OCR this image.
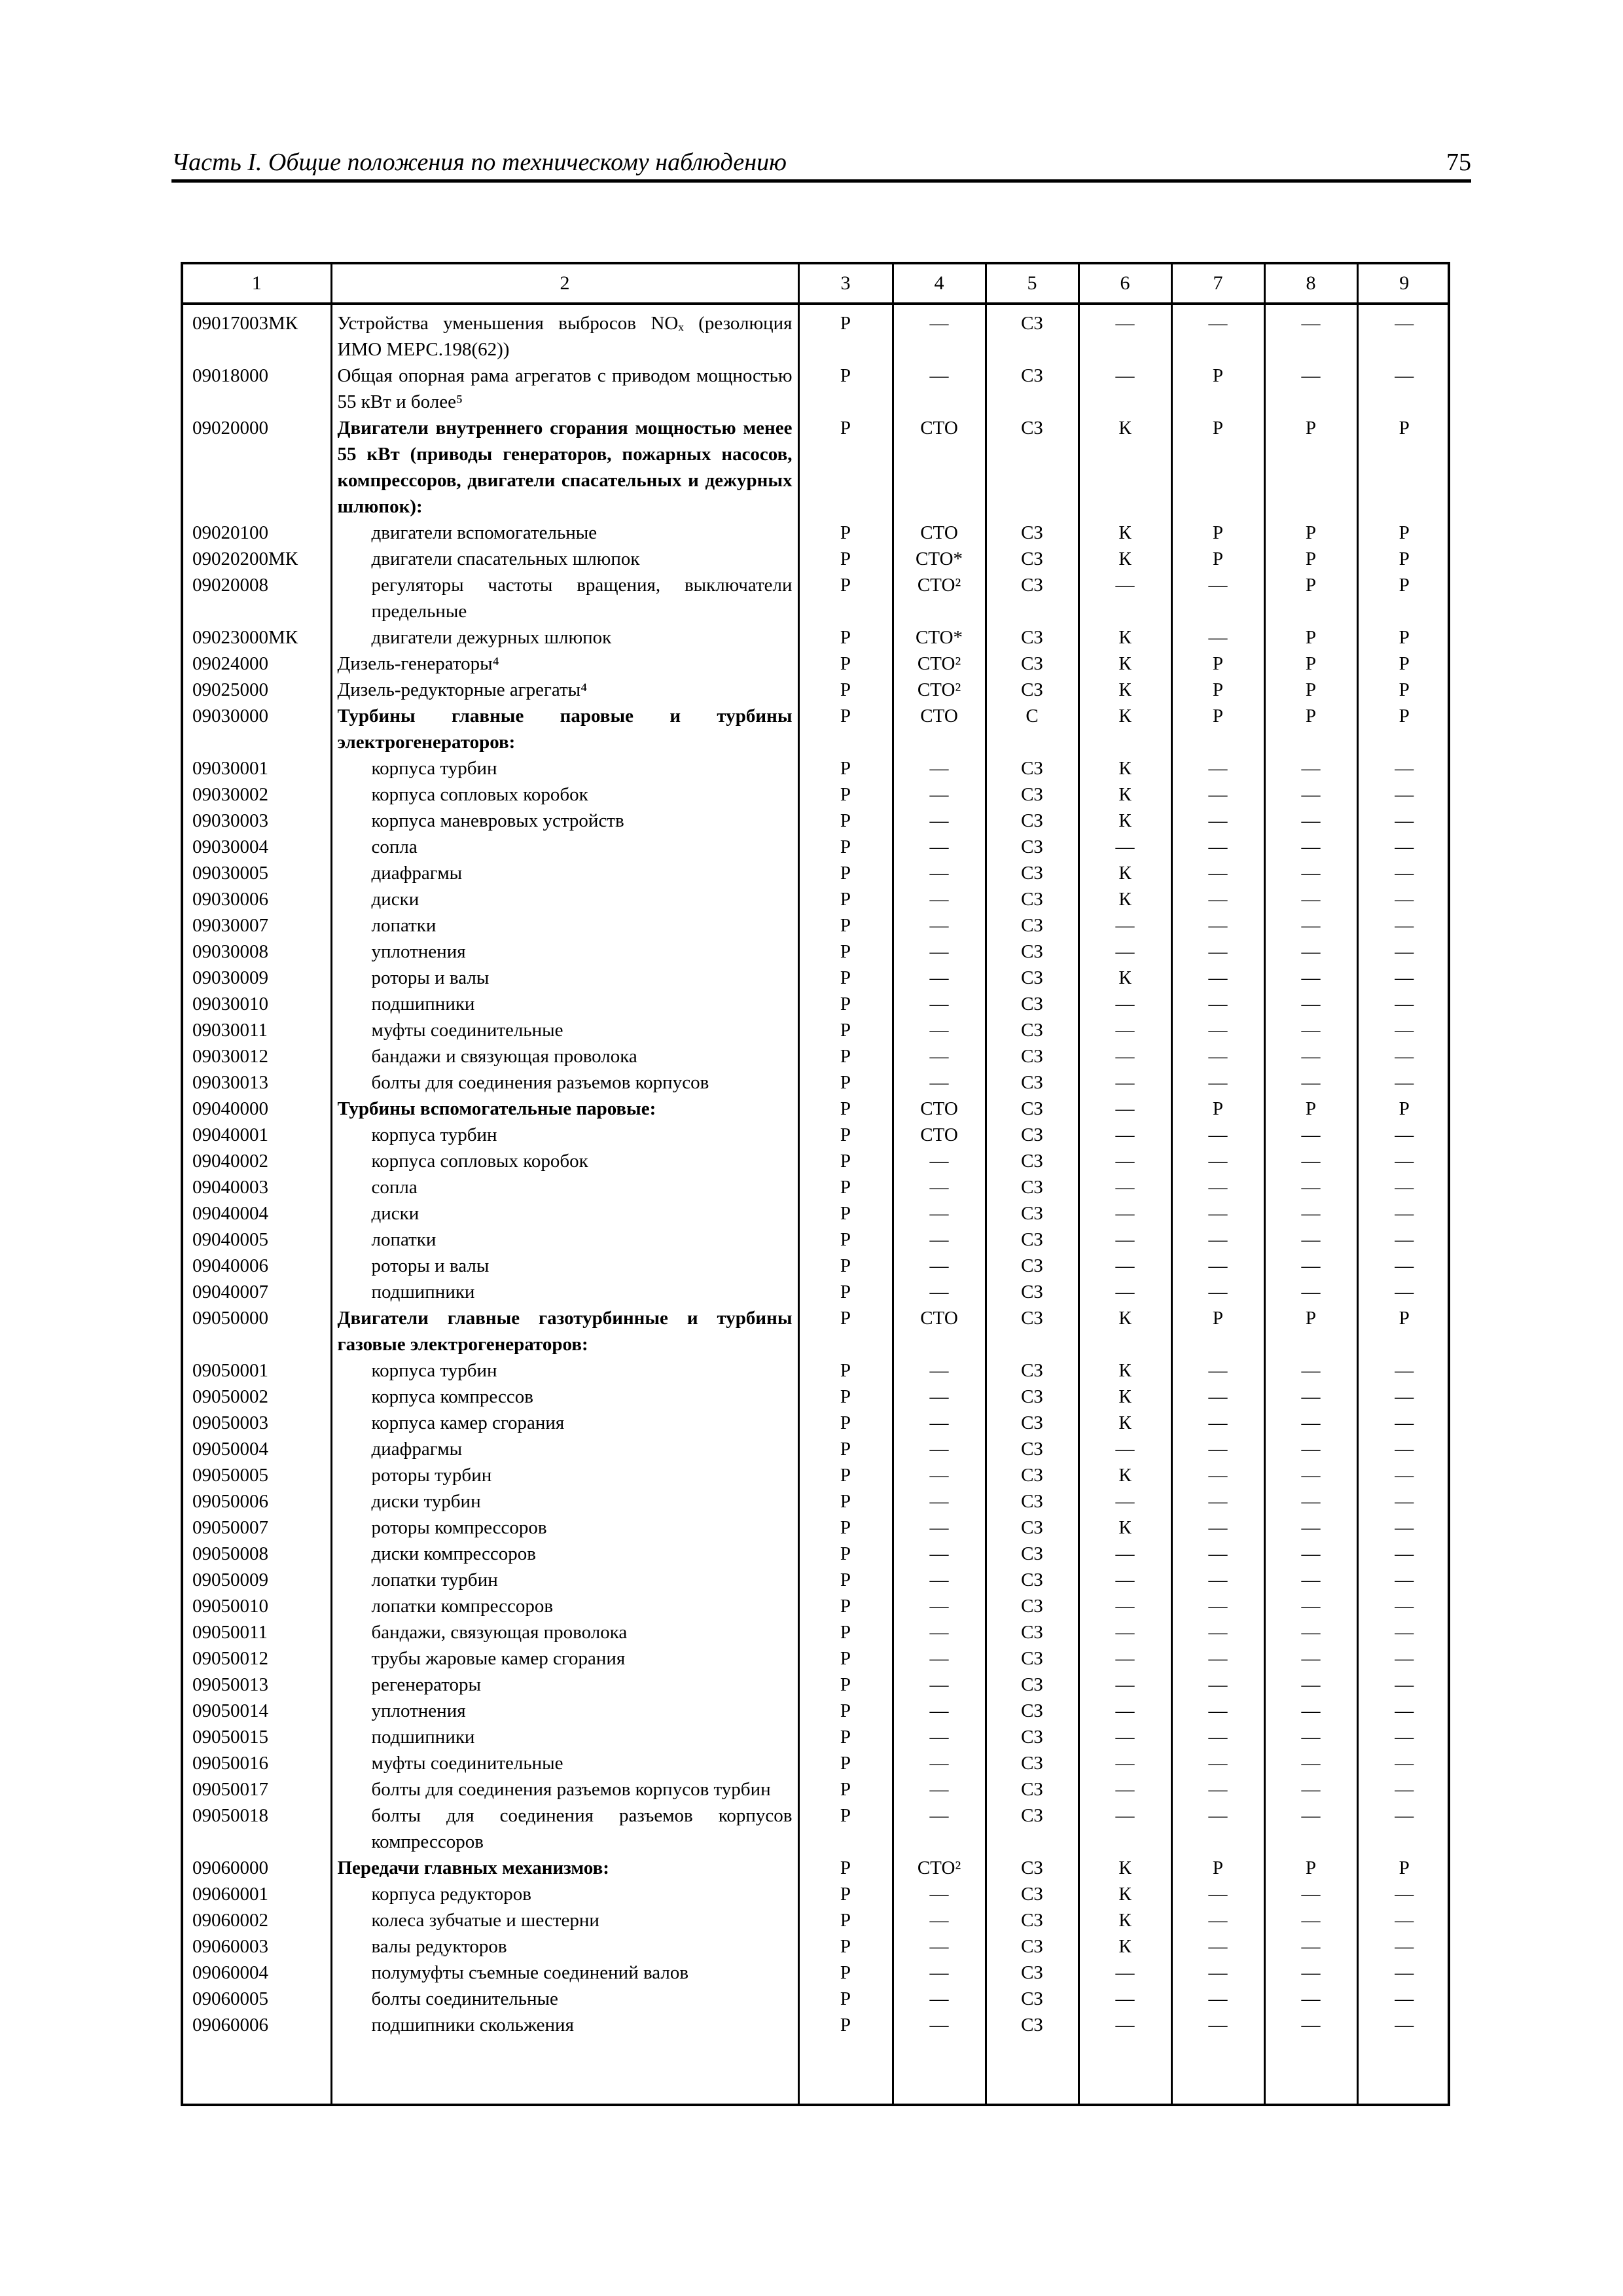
Часть I. Общие положения по техническому наблюдению	75
1	2	3	4	5	6	7	8	9
09017003МК	Устройства уменьшения выбросов NOₓ (резолюция ИМО МЕРС.198(62))	Р	—	СЗ	—	—	—	—
09018000	Общая опорная рама агрегатов с приводом мощностью 55 кВт и более⁵	Р	—	СЗ	—	Р	—	—
09020000	Двигатели внутреннего сгорания мощностью менее 55 кВт (приводы генераторов, пожарных насосов, компрессоров, двигатели спасательных и дежурных шлюпок):	Р	СТО	СЗ	К	Р	Р	Р
09020100	двигатели вспомогательные	Р	СТО	СЗ	К	Р	Р	Р
09020200МК	двигатели спасательных шлюпок	Р	СТО*	СЗ	К	Р	Р	Р
09020008	регуляторы частоты вращения, выключатели предельные	Р	СТО²	СЗ	—	—	Р	Р
09023000МК	двигатели дежурных шлюпок	Р	СТО*	СЗ	К	—	Р	Р
09024000	Дизель-генераторы⁴	Р	СТО²	СЗ	К	Р	Р	Р
09025000	Дизель-редукторные агрегаты⁴	Р	СТО²	СЗ	К	Р	Р	Р
09030000	Турбины главные паровые и турбины электрогенераторов:	Р	СТО	С	К	Р	Р	Р
09030001	корпуса турбин	Р	—	СЗ	К	—	—	—
09030002	корпуса сопловых коробок	Р	—	СЗ	К	—	—	—
09030003	корпуса маневровых устройств	Р	—	СЗ	К	—	—	—
09030004	сопла	Р	—	СЗ	—	—	—	—
09030005	диафрагмы	Р	—	СЗ	К	—	—	—
09030006	диски	Р	—	СЗ	К	—	—	—
09030007	лопатки	Р	—	СЗ	—	—	—	—
09030008	уплотнения	Р	—	СЗ	—	—	—	—
09030009	роторы и валы	Р	—	СЗ	К	—	—	—
09030010	подшипники	Р	—	СЗ	—	—	—	—
09030011	муфты соединительные	Р	—	СЗ	—	—	—	—
09030012	бандажи и связующая проволока	Р	—	СЗ	—	—	—	—
09030013	болты для соединения разъемов корпусов	Р	—	СЗ	—	—	—	—
09040000	Турбины вспомогательные паровые:	Р	СТО	СЗ	—	Р	Р	Р
09040001	корпуса турбин	Р	СТО	СЗ	—	—	—	—
09040002	корпуса сопловых коробок	Р	—	СЗ	—	—	—	—
09040003	сопла	Р	—	СЗ	—	—	—	—
09040004	диски	Р	—	СЗ	—	—	—	—
09040005	лопатки	Р	—	СЗ	—	—	—	—
09040006	роторы и валы	Р	—	СЗ	—	—	—	—
09040007	подшипники	Р	—	СЗ	—	—	—	—
09050000	Двигатели главные газотурбинные и турбины газовые электрогенераторов:	Р	СТО	СЗ	К	Р	Р	Р
09050001	корпуса турбин	Р	—	СЗ	К	—	—	—
09050002	корпуса компрессов	Р	—	СЗ	К	—	—	—
09050003	корпуса камер сгорания	Р	—	СЗ	К	—	—	—
09050004	диафрагмы	Р	—	СЗ	—	—	—	—
09050005	роторы турбин	Р	—	СЗ	К	—	—	—
09050006	диски турбин	Р	—	СЗ	—	—	—	—
09050007	роторы компрессоров	Р	—	СЗ	К	—	—	—
09050008	диски компрессоров	Р	—	СЗ	—	—	—	—
09050009	лопатки турбин	Р	—	СЗ	—	—	—	—
09050010	лопатки компрессоров	Р	—	СЗ	—	—	—	—
09050011	бандажи, связующая проволока	Р	—	СЗ	—	—	—	—
09050012	трубы жаровые камер сгорания	Р	—	СЗ	—	—	—	—
09050013	регенераторы	Р	—	СЗ	—	—	—	—
09050014	уплотнения	Р	—	СЗ	—	—	—	—
09050015	подшипники	Р	—	СЗ	—	—	—	—
09050016	муфты соединительные	Р	—	СЗ	—	—	—	—
09050017	болты для соединения разъемов корпусов турбин	Р	—	СЗ	—	—	—	—
09050018	болты для соединения разъемов корпусов компрессоров	Р	—	СЗ	—	—	—	—
09060000	Передачи главных механизмов:	Р	СТО²	СЗ	К	Р	Р	Р
09060001	корпуса редукторов	Р	—	СЗ	К	—	—	—
09060002	колеса зубчатые и шестерни	Р	—	СЗ	К	—	—	—
09060003	валы редукторов	Р	—	СЗ	К	—	—	—
09060004	полумуфты съемные соединений валов	Р	—	СЗ	—	—	—	—
09060005	болты соединительные	Р	—	СЗ	—	—	—	—
09060006	подшипники скольжения	Р	—	СЗ	—	—	—	—
